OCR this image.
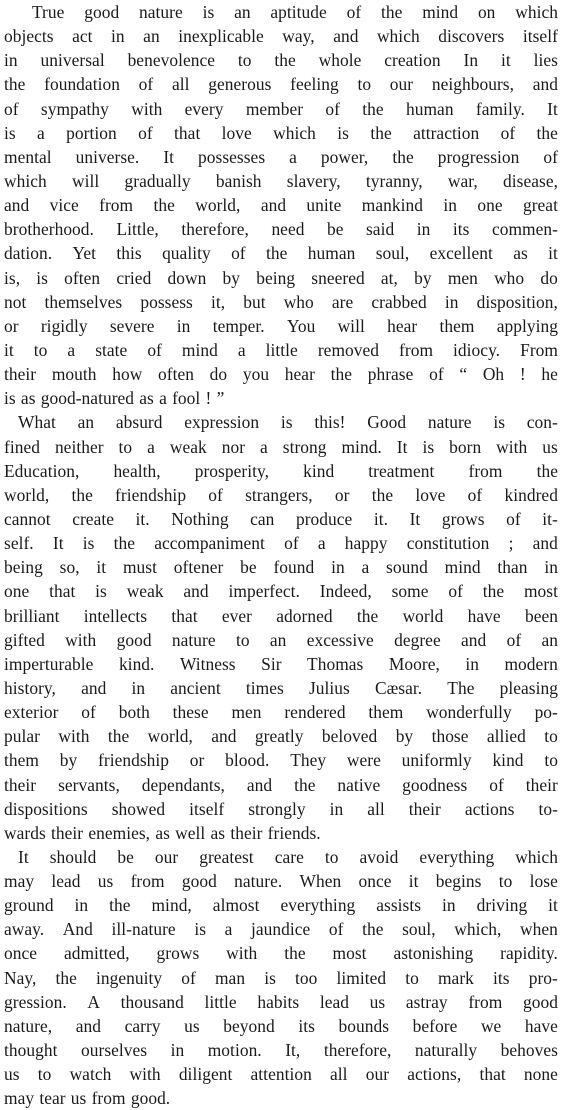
True good nature is an aptitude of the mind on which
objects act in an inexplicable way, and which discovers itself
in universal benevolence to the whole creation In it lies
the foundation of all generous feeling to our neighbours, and
of sympathy with every member of the human family. It
is a portion of that love which is the attraction of the
mental universe. It possesses a power, the progression of
which will gradually banish slavery, tyranny, war, disease,
and vice from the world, and unite mankind in one great
brotherhood. Little, therefore, need be said in its commen-
dation. Yet this quality of the human soul, excellent as it
is, is often cried down by being sneered at, by men who do
not themselves possess it, but who are crabbed in disposition,
or rigidly severe in temper. You will hear them applying
it to a state of mind a little removed from idiocy. From
their mouth how often do you hear the phrase of “ Oh ! he
is as good-natured as a fool ! ”
What an absurd expression is this! Good nature is con-
fined neither to a weak nor a strong mind. It is born with us
Education, health, prosperity, kind treatment from the
world, the friendship of strangers, or the love of kindred
cannot create it. Nothing can produce it. It grows of it-
self. It is the accompaniment of a happy constitution ; and
being so, it must oftener be found in a sound mind than in
one that is weak and imperfect. Indeed, some of the most
brilliant intellects that ever adorned the world have been
gifted with good nature to an excessive degree and of an
imperturable kind. Witness Sir Thomas Moore, in modern
history, and in ancient times Julius Cæsar. The pleasing
exterior of both these men rendered them wonderfully po-
pular with the world, and greatly beloved by those allied to
them by friendship or blood. They were uniformly kind to
their servants, dependants, and the native goodness of their
dispositions showed itself strongly in all their actions to-
wards their enemies, as well as their friends.
It should be our greatest care to avoid everything which
may lead us from good nature. When once it begins to lose
ground in the mind, almost everything assists in driving it
away. And ill-nature is a jaundice of the soul, which, when
once admitted, grows with the most astonishing rapidity.
Nay, the ingenuity of man is too limited to mark its pro-
gression. A thousand little habits lead us astray from good
nature, and carry us beyond its bounds before we have
thought ourselves in motion. It, therefore, naturally behoves
us to watch with diligent attention all our actions, that none
may tear us from good.
